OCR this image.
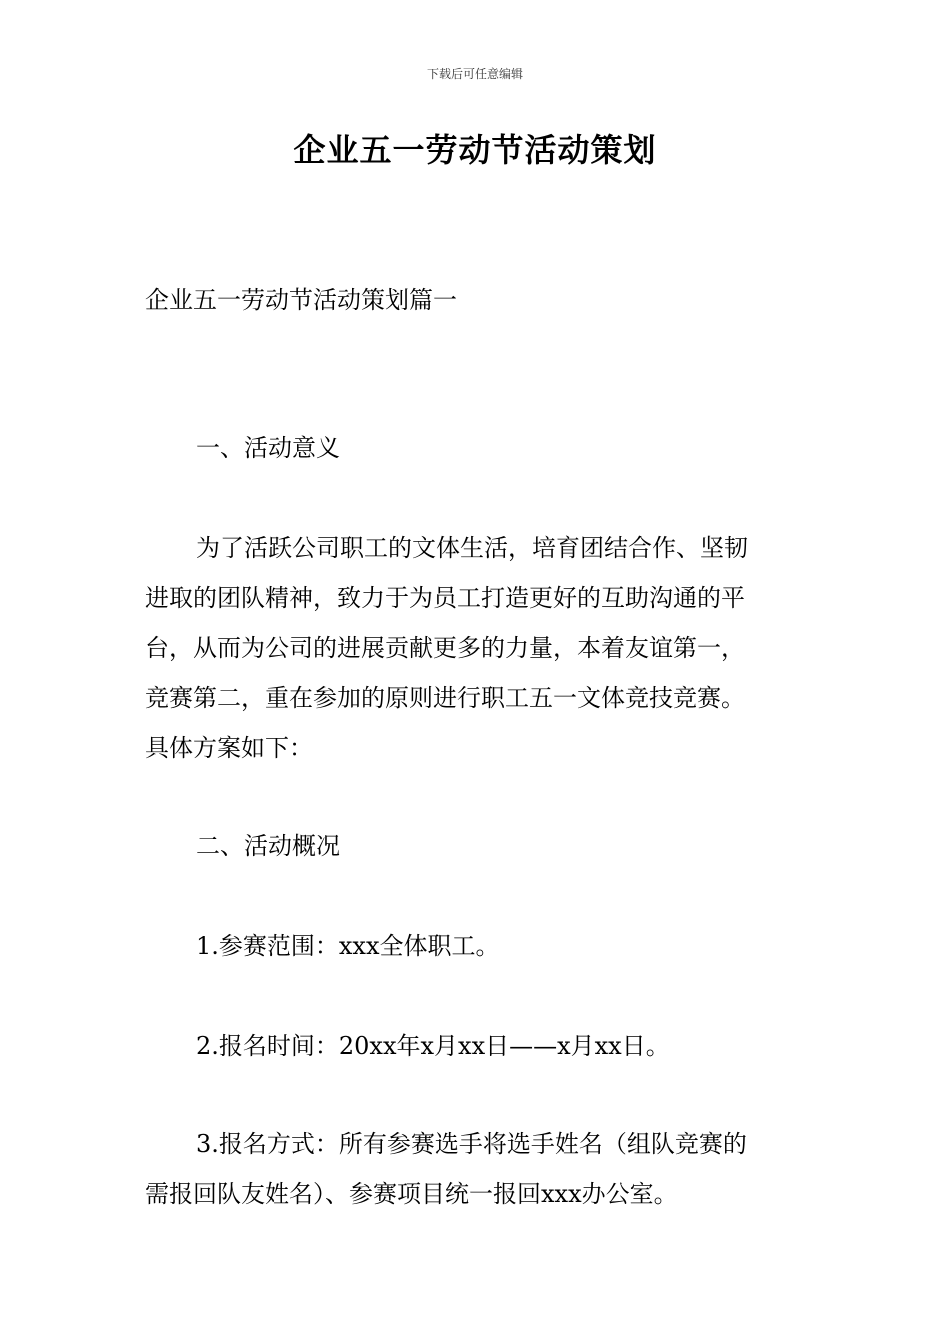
下载后可任意编辑
企业五一劳动节活动策划
企业五一劳动节活动策划篇一
一、活动意义
为了活跃公司职工的文体生活，培育团结合作、坚韧
进取的团队精神，致力于为员工打造更好的互助沟通的平
台，从而为公司的进展贡献更多的力量，本着友谊第一，
竞赛第二，重在参加的原则进行职工五一文体竞技竞赛。
具体方案如下：
二、活动概况
1.参赛范围：xxx全体职工。
2.报名时间：20xx年x月xx日——x月xx日。
3.报名方式：所有参赛选手将选手姓名（组队竞赛的
需报回队友姓名）、参赛项目统一报回xxx办公室。
